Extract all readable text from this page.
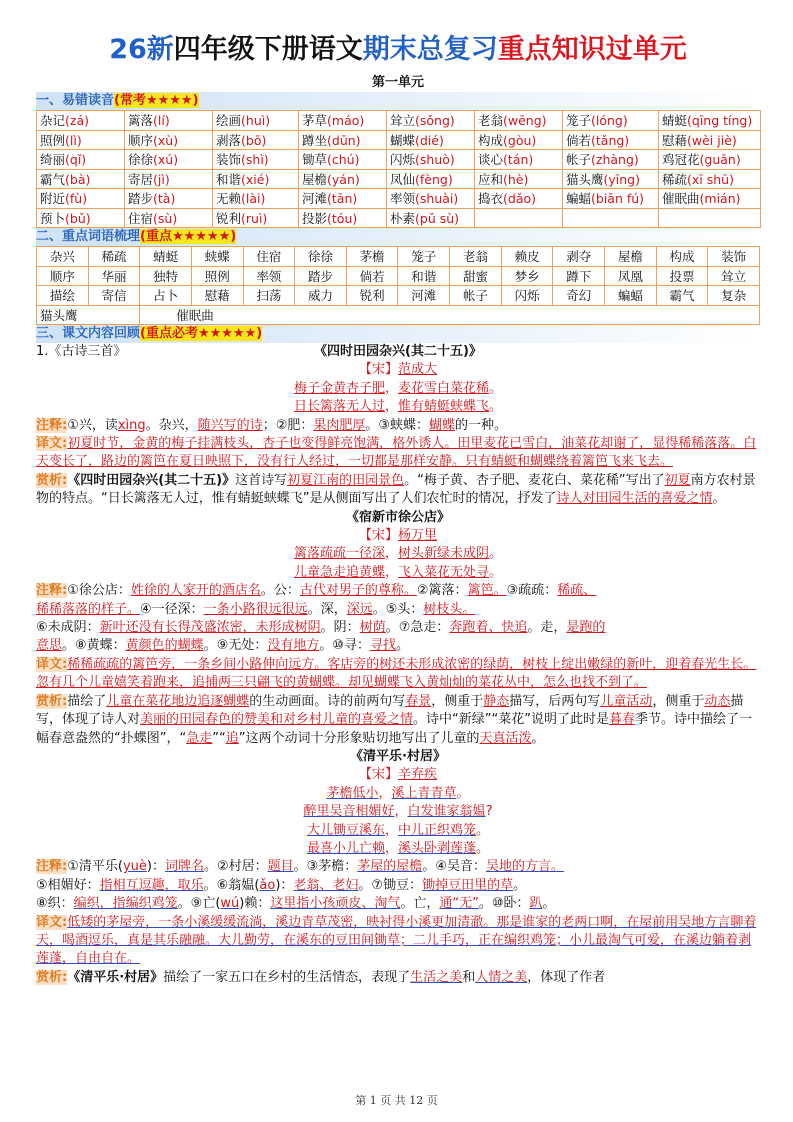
26新四年级下册语文期末总复习重点知识过单元
第一单元
一、易错读音(常考★★★★)
杂记(zá)	篱落(lí)	绘画(huì)	茅草(máo)	耸立(sǒng)	老翁(wēng)	笼子(lóng)	蜻蜓(qīng tíng)
照例(lì)	顺序(xù)	剥落(bō)	蹲坐(dūn)	蝴蝶(dié)	构成(gòu)	倘若(tǎng)	慰藉(wèi jiè)
绮丽(qǐ)	徐徐(xú)	装饰(shì)	锄草(chú)	闪烁(shuò)	谈心(tán)	帐子(zhàng)	鸡冠花(guān)
霸气(bà)	寄居(jì)	和谐(xié)	屋檐(yán)	凤仙(fèng)	应和(hè)	猫头鹰(yīng)	稀疏(xī shū)
附近(fù)	踏步(tà)	无赖(lài)	河滩(tān)	率领(shuài)	捣衣(dǎo)	蝙蝠(biān fú)	催眠曲(mián)
预卜(bǔ)	住宿(sù)	锐利(ruì)	投影(tóu)	朴素(pǔ sù)			
二、重点词语梳理(重点★★★★★)
杂兴	稀疏	蜻蜓	蛱蝶	住宿	徐徐	茅檐	笼子	老翁	赖皮	剥夺	屋檐	构成	装饰
顺序	华丽	独特	照例	率领	踏步	倘若	和谐	甜蜜	梦乡	蹲下	凤凰	投票	耸立
描绘	寄信	占卜	慰藉	扫荡	威力	锐利	河滩	帐子	闪烁	奇幻	蝙蝠	霸气	复杂
猫头鹰		催眠曲											
三、课文内容回顾(重点必考★★★★★)
1.《古诗三首》	《四时田园杂兴(其二十五)》
【宋】范成大
梅子金黄杏子肥，麦花雪白菜花稀。
日长篱落无人过，惟有蜻蜓蛱蝶飞。
注释:①兴，读xìng。杂兴，随兴写的诗；②肥：果肉肥厚。③蛱蝶：蝴蝶的一种。
译文:初夏时节，金黄的梅子挂满枝头，杏子也变得鲜亮饱满，格外诱人。田里麦花已雪白，油菜花却谢了，显得稀稀落落。白天变长了，路边的篱笆在夏日映照下，没有行人经过，一切都是那样安静。只有蜻蜓和蝴蝶绕着篱笆飞来飞去。
赏析:《四时田园杂兴(其二十五)》这首诗写初夏江南的田园景色。“梅子黄、杏子肥、麦花白、菜花稀”写出了初夏南方农村景物的特点。“日长篱落无人过，惟有蜻蜓蛱蝶飞”是从侧面写出了人们农忙时的情况，抒发了诗人对田园生活的喜爱之情。
《宿新市徐公店》
【宋】杨万里
篱落疏疏一径深，树头新绿未成阴。
儿童急走追黄蝶，飞入菜花无处寻。
注释:①徐公店：姓徐的人家开的酒店名。公：古代对男子的尊称。②篱落：篱笆。③疏疏：稀疏、
稀稀落落的样子。④一径深：一条小路很远很远。深，深远。⑤头：树枝头。
⑥未成阴：新叶还没有长得茂盛浓密，未形成树阴。阴：树荫。⑦急走：奔跑着、快追。走，是跑的
意思。⑧黄蝶：黄颜色的蝴蝶。⑨无处：没有地方。⑩寻：寻找。
译文:稀稀疏疏的篱笆旁，一条乡间小路伸向远方。客店旁的树还未形成浓密的绿荫，树枝上绽出嫩绿的新叶，迎着春光生长。忽有几个儿童嬉笑着跑来，追捕两三只翩飞的黄蝴蝶。却见蝴蝶飞入黄灿灿的菜花丛中，怎么也找不到了。
赏析:描绘了儿童在菜花地边追逐蝴蝶的生动画面。诗的前两句写春景，侧重于静态描写，后两句写儿童活动，侧重于动态描写，体现了诗人对美丽的田园春色的赞美和对乡村儿童的喜爱之情。诗中“新绿”“菜花”说明了此时是暮春季节。诗中描绘了一幅春意盎然的“扑蝶图”，“急走”“追”这两个动词十分形象贴切地写出了儿童的天真活泼。
《清平乐·村居》
【宋】辛弃疾
茅檐低小，溪上青青草。
醉里吴音相媚好，白发谁家翁媪?
大儿锄豆溪东，中儿正织鸡笼。
最喜小儿亡赖，溪头卧剥莲蓬。
注释:①清平乐(yuè)：词牌名。②村居：题目。③茅檐：茅屋的屋檐。④吴音：吴地的方言。
⑤相媚好：指相互逗趣，取乐。⑥翁媪(ǎo)：老翁、老妇。⑦锄豆：锄掉豆田里的草。
⑧织：编织，指编织鸡笼。⑨亡(wú)赖：这里指小孩顽皮、淘气。亡，通“无”。⑩卧：趴。
译文:低矮的茅屋旁，一条小溪缓缓流淌，溪边青草茂密，映衬得小溪更加清澈。那是谁家的老两口啊，在屋前用吴地方言聊着天，喝酒逗乐，真是其乐融融。大儿勤劳，在溪东的豆田间锄草；二儿手巧，正在编织鸡笼；小儿最淘气可爱，在溪边躺着剥莲蓬，自由自在。
赏析:《清平乐·村居》描绘了一家五口在乡村的生活情态，表现了生活之美和人情之美，体现了作者
第 1 页 共 12 页
